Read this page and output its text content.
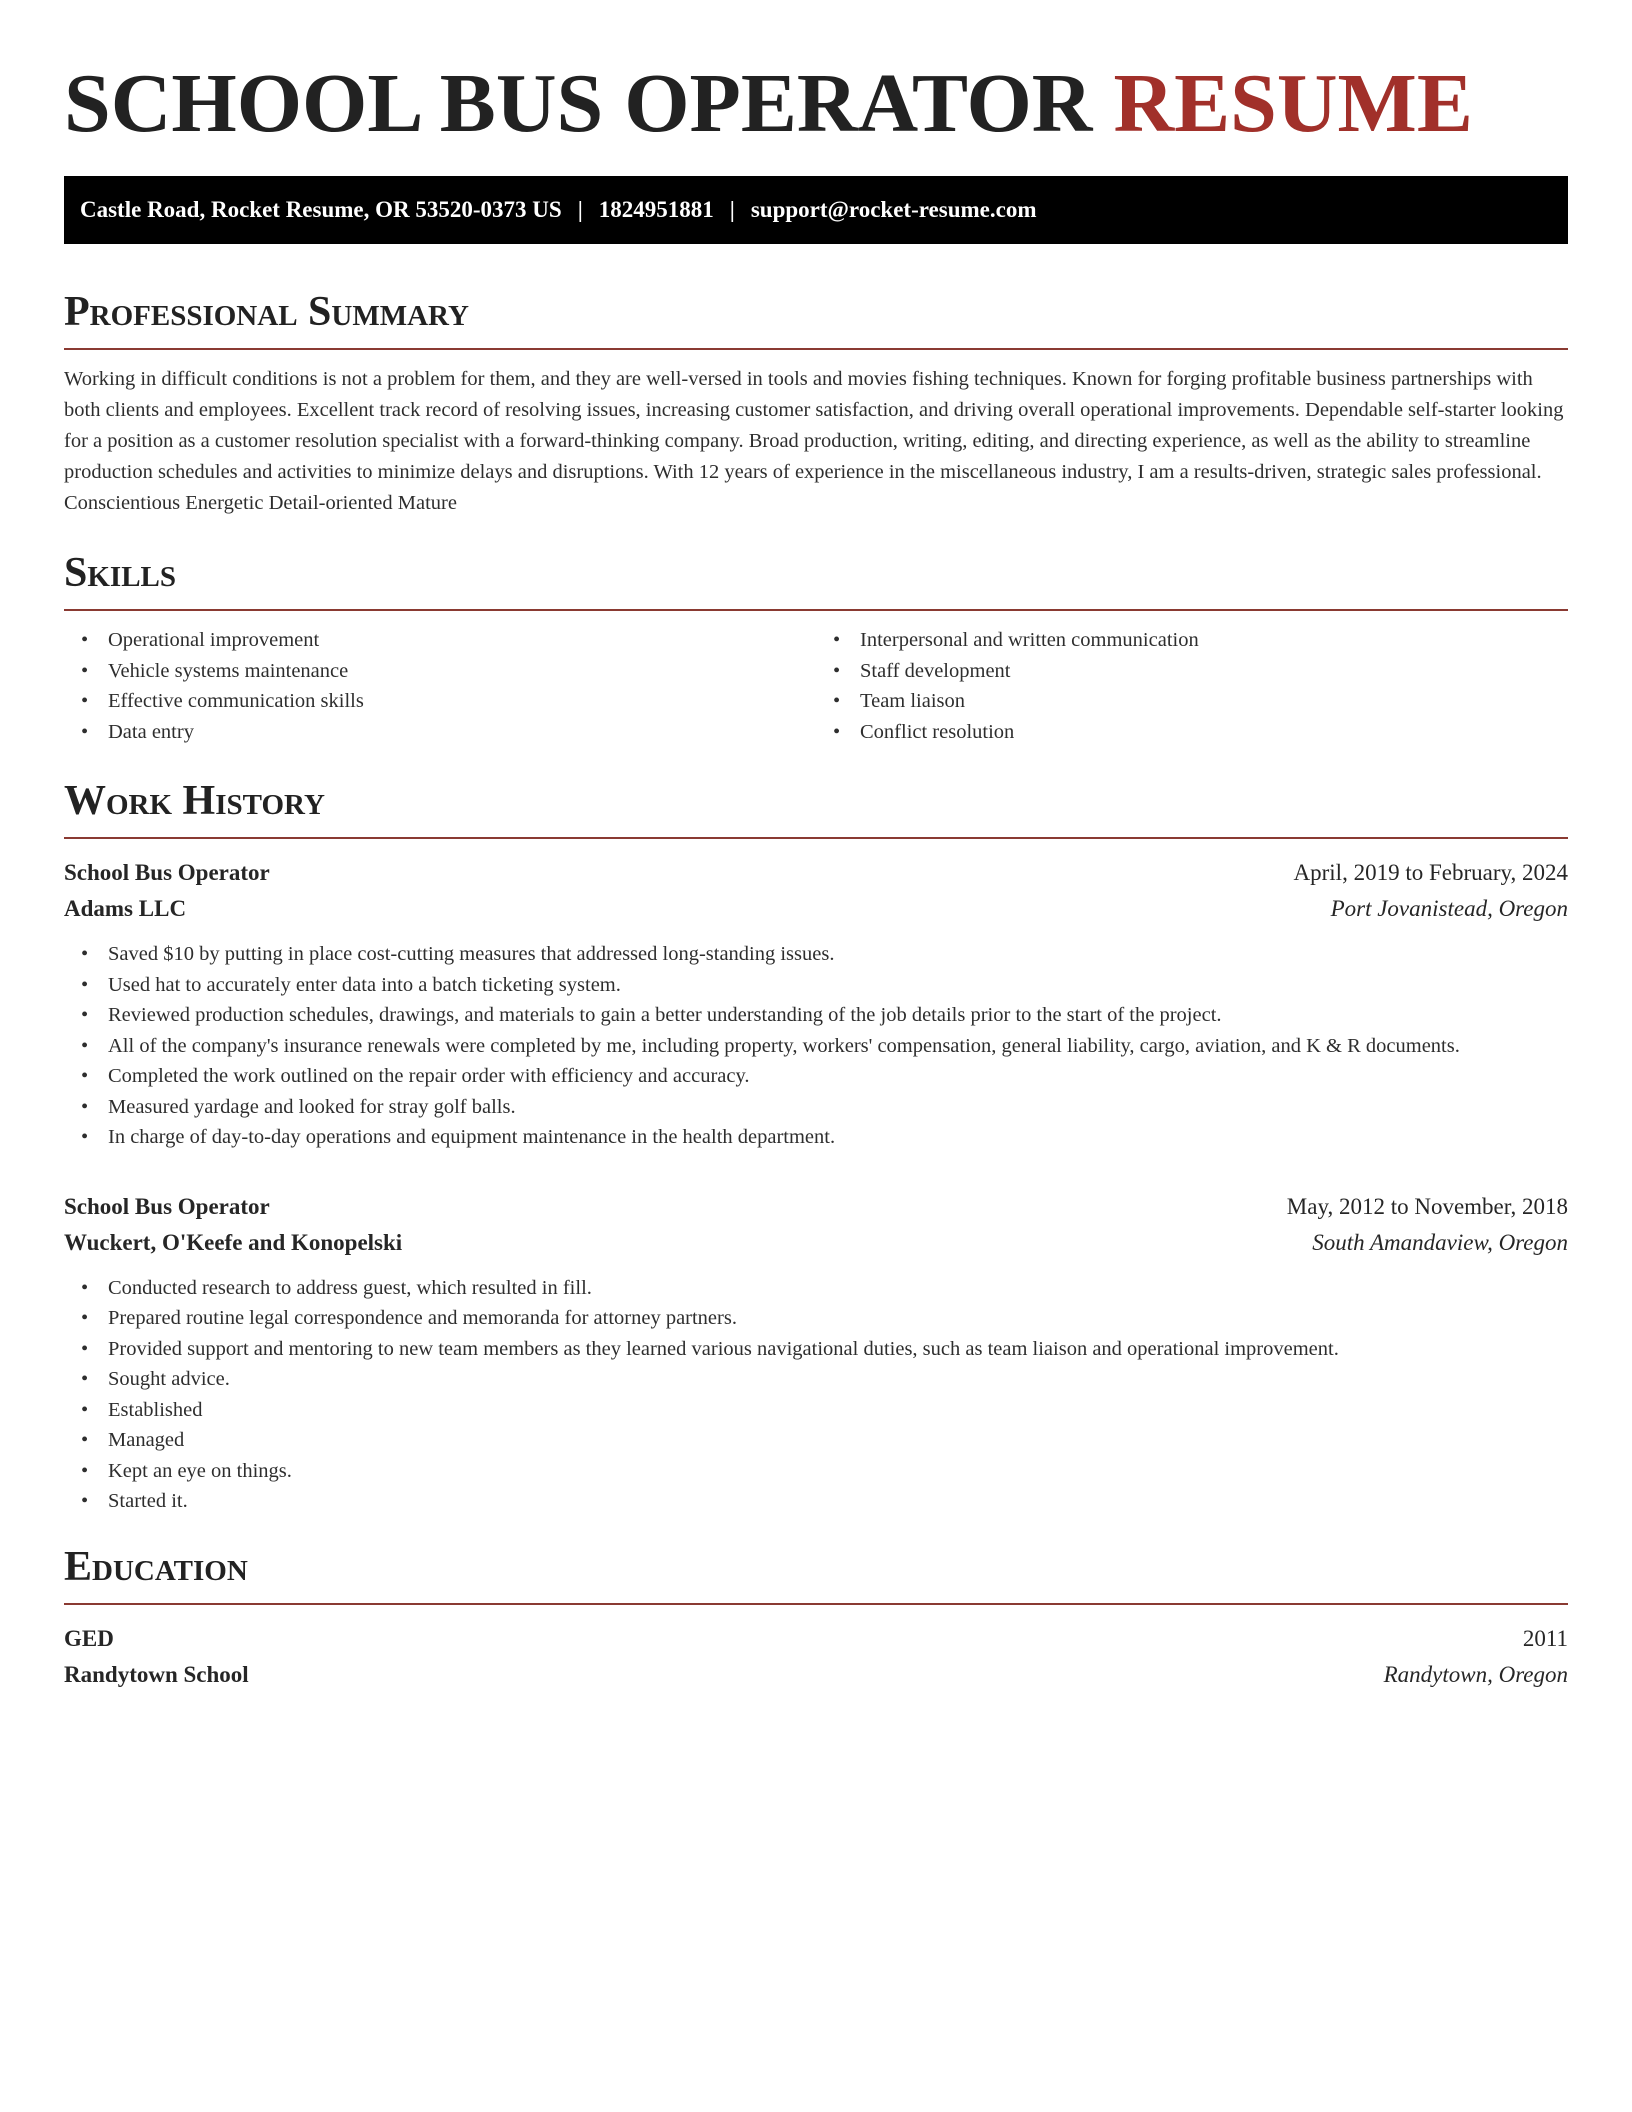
SCHOOL BUS OPERATOR RESUME
Castle Road, Rocket Resume, OR 53520-0373 US | 1824951881 | support@rocket-resume.com
Professional Summary

Working in difficult conditions is not a problem for them, and they are well-versed in tools and movies fishing techniques. Known for forging profitable business partnerships with both clients and employees. Excellent track record of resolving issues, increasing customer satisfaction, and driving overall operational improvements. Dependable self-starter looking for a position as a customer resolution specialist with a forward-thinking company. Broad production, writing, editing, and directing experience, as well as the ability to streamline production schedules and activities to minimize delays and disruptions. With 12 years of experience in the miscellaneous industry, I am a results-driven, strategic sales professional. Conscientious Energetic Detail-oriented Mature

Skills
• Operational improvement
• Vehicle systems maintenance
• Effective communication skills
• Data entry
• Interpersonal and written communication
• Staff development
• Team liaison
• Conflict resolution
Work History
School Bus Operator	April, 2019 to February, 2024
Adams LLC	Port Jovanistead, Oregon
• Saved $10 by putting in place cost-cutting measures that addressed long-standing issues.
• Used hat to accurately enter data into a batch ticketing system.
• Reviewed production schedules, drawings, and materials to gain a better understanding of the job details prior to the start of the project.
• All of the company's insurance renewals were completed by me, including property, workers' compensation, general liability, cargo, aviation, and K & R documents.
• Completed the work outlined on the repair order with efficiency and accuracy.
• Measured yardage and looked for stray golf balls.
• In charge of day-to-day operations and equipment maintenance in the health department.
School Bus Operator	May, 2012 to November, 2018
Wuckert, O'Keefe and Konopelski	South Amandaview, Oregon
• Conducted research to address guest, which resulted in fill.
• Prepared routine legal correspondence and memoranda for attorney partners.
• Provided support and mentoring to new team members as they learned various navigational duties, such as team liaison and operational improvement.
• Sought advice.
• Established
• Managed
• Kept an eye on things.
• Started it.
Education
GED	2011
Randytown School	Randytown, Oregon
